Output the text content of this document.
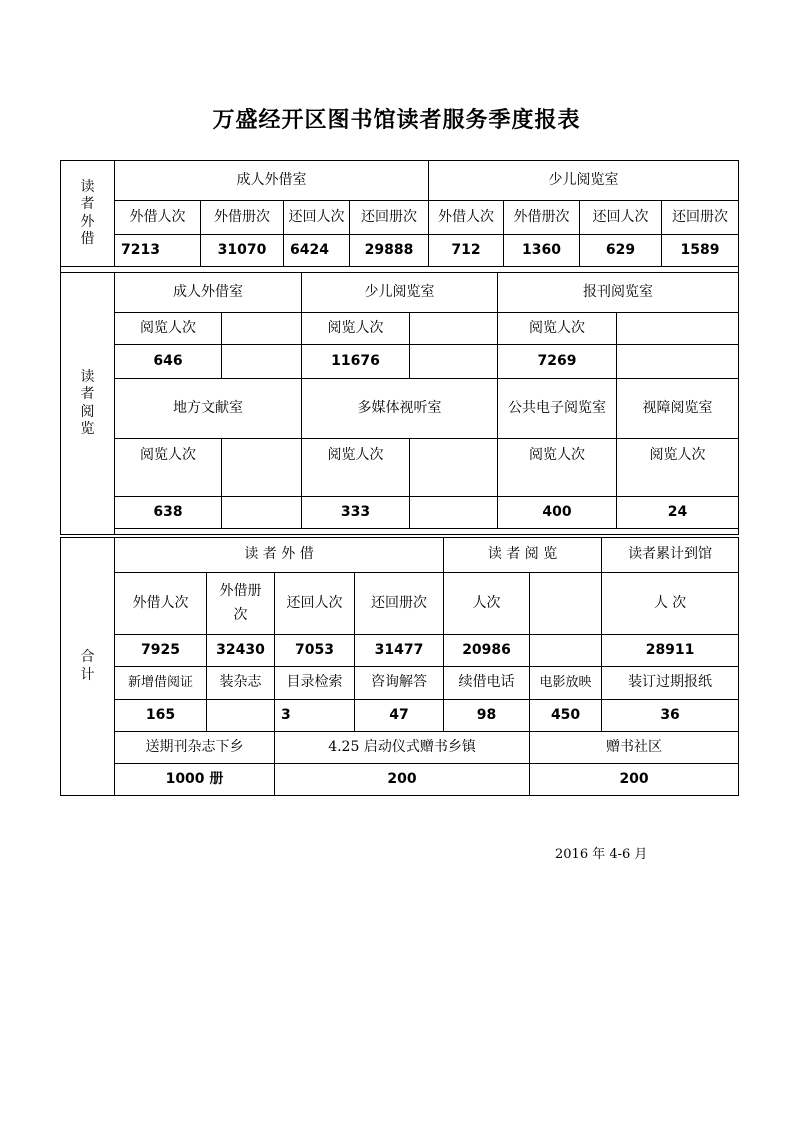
万盛经开区图书馆读者服务季度报表
读
者
外
借	成人外借室				少儿阅览室			
	外借人次	外借册次	还回人次	还回册次	外借人次	外借册次	还回人次	还回册次
	7213	31070	6424	29888	712	1360	629	1589

读
者
阅
览	成人外借室		少儿阅览室		报刊阅览室	
	阅览人次		阅览人次		阅览人次	
	646		11676		7269	
	地方文献室		多媒体视听室		公共电子阅览室	视障阅览室
	阅览人次		阅览人次		阅览人次	阅览人次
	638		333		400	24

合
计	读 者 外 借				读 者 阅 览		读者累计到馆
	外借人次	外借册
次	还回人次	还回册次	人次		人 次
	7925	32430	7053	31477	20986		28911
	新增借阅证	装杂志	目录检索	咨询解答	续借电话	电影放映	装订过期报纸
	165		3	47	98	450	36
	送期刊杂志下乡		4.25 启动仪式赠书乡镇			赠书社区	
	1000 册		200			200	
2016 年 4-6 月
